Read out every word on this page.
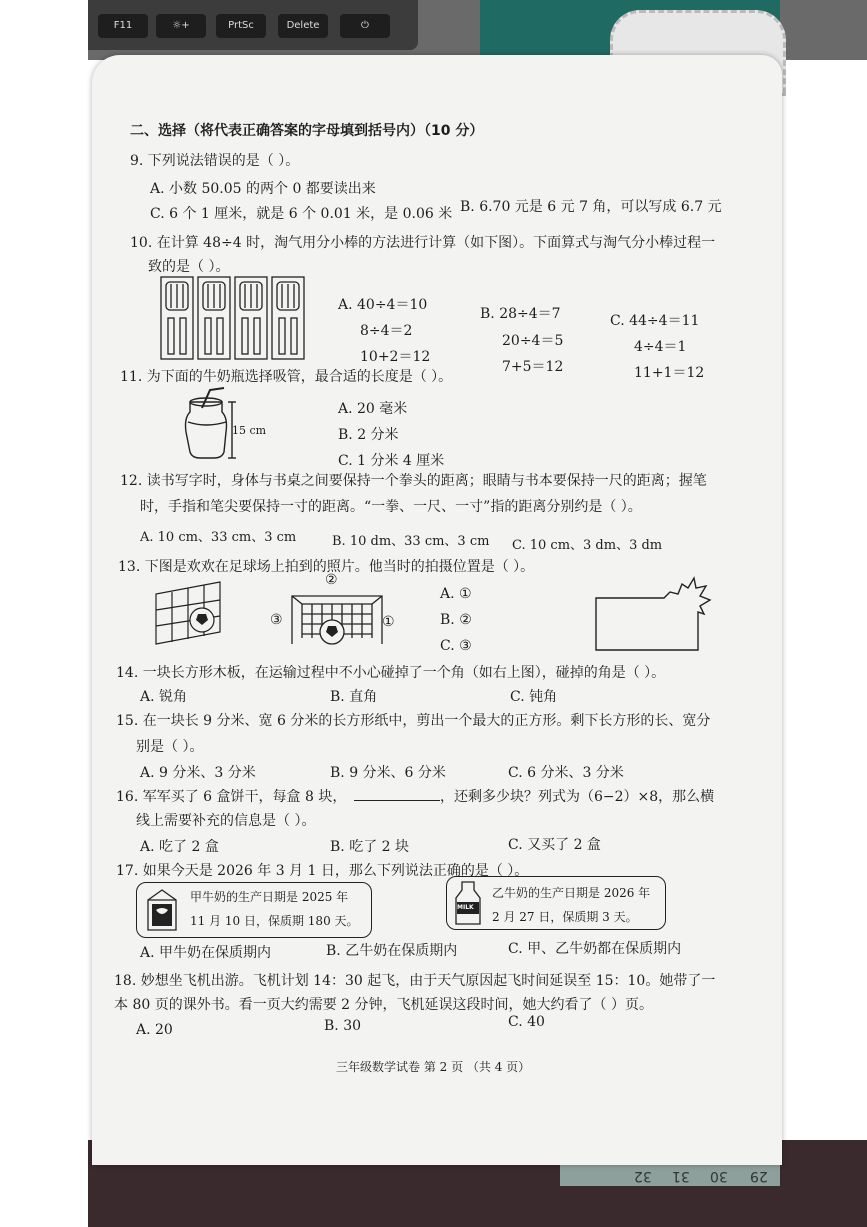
F11	☼+	PrtSc	Delete	⏻
29
30
31
32
二、选择（将代表正确答案的字母填到括号内）（10 分）
9. 下列说法错误的是（ ）。
A. 小数 50.05 的两个 0 都要读出来
B. 6.70 元是 6 元 7 角，可以写成 6.7 元
C. 6 个 1 厘米，就是 6 个 0.01 米，是 0.06 米
10. 在计算 48÷4 时，淘气用分小棒的方法进行计算（如下图）。下面算式与淘气分小棒过程一
致的是（ ）。
A. 40÷4＝10
8÷4＝2
10+2＝12
B. 28÷4＝7
20÷4＝5
7+5＝12
C. 44÷4＝11
4÷4＝1
11+1＝12
11. 为下面的牛奶瓶选择吸管，最合适的长度是（ ）。
15 cm
A. 20 毫米
B. 2 分米
C. 1 分米 4 厘米
12. 读书写字时，身体与书桌之间要保持一个拳头的距离；眼睛与书本要保持一尺的距离；握笔
时，手指和笔尖要保持一寸的距离。“一拳、一尺、一寸”指的距离分别约是（ ）。
A. 10 cm、33 cm、3 cm	B. 10 dm、33 cm、3 cm C. 10 cm、3 dm、3 dm
13. 下图是欢欢在足球场上拍到的照片。他当时的拍摄位置是（ ）。
②
③	①
A. ①
B. ②
C. ③
14. 一块长方形木板，在运输过程中不小心碰掉了一个角（如右上图），碰掉的角是（ ）。
A. 锐角	B. 直角	C. 钝角
15. 在一块长 9 分米、宽 6 分米的长方形纸中，剪出一个最大的正方形。剩下长方形的长、宽分
别是（ ）。
A. 9 分米、3 分米	B. 9 分米、6 分米	C. 6 分米、3 分米
16. 军军买了 6 盒饼干，每盒 8 块，	，还剩多少块？列式为（6−2）×8，那么横
线上需要补充的信息是（ ）。
A. 吃了 2 盒	B. 吃了 2 块	C. 又买了 2 盒
17. 如果今天是 2026 年 3 月 1 日，那么下列说法正确的是（ ）。
甲牛奶的生产日期是 2025 年
11 月 10 日，保质期 180 天。
MILK
乙牛奶的生产日期是 2026 年
2 月 27 日，保质期 3 天。
A. 甲牛奶在保质期内	B. 乙牛奶在保质期内	C. 甲、乙牛奶都在保质期内
18. 妙想坐飞机出游。飞机计划 14：30 起飞，由于天气原因起飞时间延误至 15：10。她带了一
本 80 页的课外书。看一页大约需要 2 分钟，飞机延误这段时间，她大约看了（ ）页。
A. 20	B. 30	C. 40
三年级数学试卷 第 2 页 （共 4 页）
